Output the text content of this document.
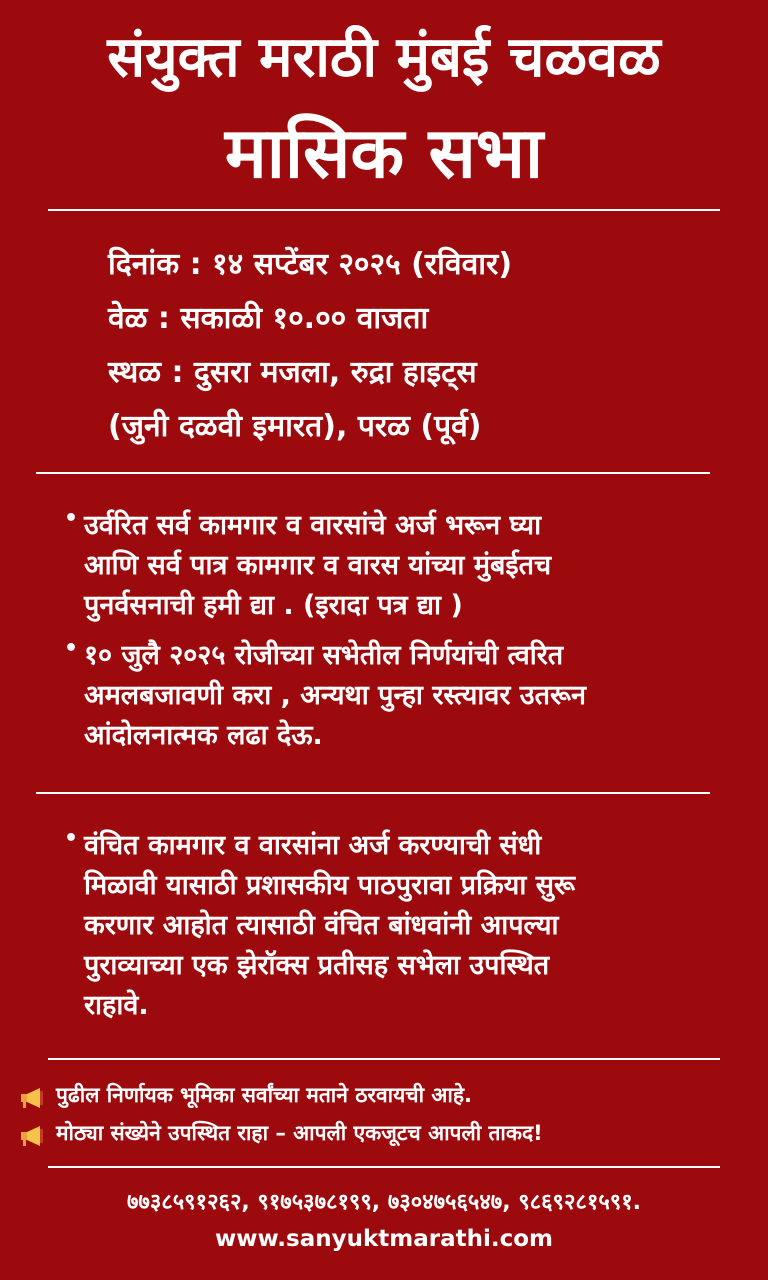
संयुक्त मराठी मुंबई चळवळ
मासिक सभा
दिनांक : १४ सप्टेंबर २०२५ (रविवार)
वेळ : सकाळी १०.०० वाजता
स्थळ : दुसरा मजला, रुद्रा हाइट्स
(जुनी दळवी इमारत), परळ (पूर्व)
• उर्वरित सर्व कामगार व वारसांचे अर्ज भरून घ्या
आणि सर्व पात्र कामगार व वारस यांच्या मुंबईतच
पुनर्वसनाची हमी द्या . (इरादा पत्र द्या )
• १० जुलै २०२५ रोजीच्या सभेतील निर्णयांची त्वरित
अमलबजावणी करा , अन्यथा पुन्हा रस्त्यावर उतरून
आंदोलनात्मक लढा देऊ.
• वंचित कामगार व वारसांना अर्ज करण्याची संधी
मिळावी यासाठी प्रशासकीय पाठपुरावा प्रक्रिया सुरू
करणार आहोत त्यासाठी वंचित बांधवांनी आपल्या
पुराव्याच्या एक झेरॉक्स प्रतीसह सभेला उपस्थित
राहावे.
पुढील निर्णायक भूमिका सर्वांच्या मताने ठरवायची आहे.
मोठ्या संख्येने उपस्थित राहा – आपली एकजूटच आपली ताकद!
७७३८५९१२६२, ९१७५३७८१९९, ७३०४७५६५४७, ९८६९२८१५९१.
www.sanyuktmarathi.com
